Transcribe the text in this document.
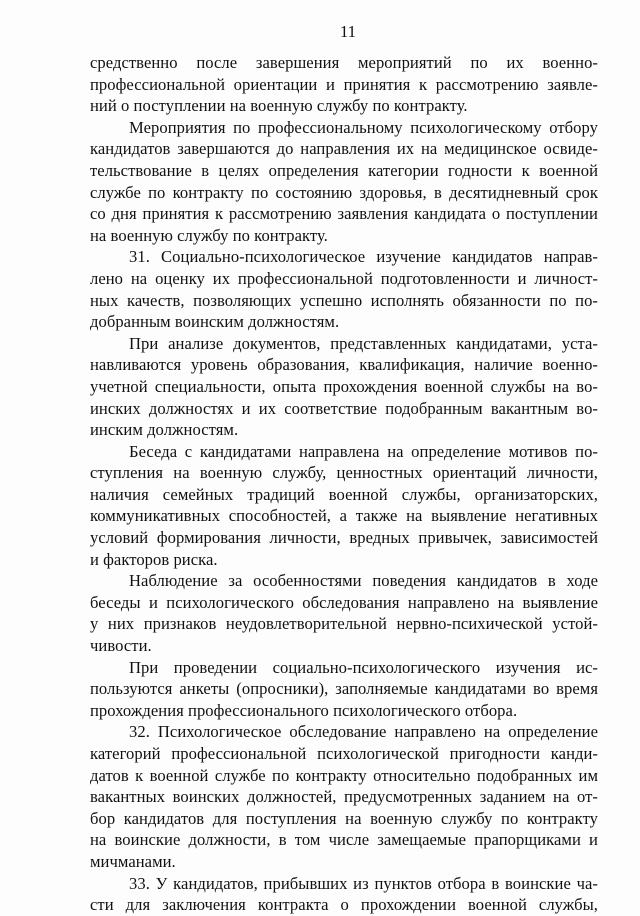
11
средственно после завершения мероприятий по их военно-
профессиональной ориентации и принятия к рассмотрению заявле-
ний о поступлении на военную службу по контракту.
Мероприятия по профессиональному психологическому отбору
кандидатов завершаются до направления их на медицинское освиде-
тельствование в целях определения категории годности к военной
службе по контракту по состоянию здоровья, в десятидневный срок
со дня принятия к рассмотрению заявления кандидата о поступлении
на военную службу по контракту.
31. Социально-психологическое изучение кандидатов направ-
лено на оценку их профессиональной подготовленности и личност-
ных качеств, позволяющих успешно исполнять обязанности по по-
добранным воинским должностям.
При анализе документов, представленных кандидатами, уста-
навливаются уровень образования, квалификация, наличие военно-
учетной специальности, опыта прохождения военной службы на во-
инских должностях и их соответствие подобранным вакантным во-
инским должностям.
Беседа с кандидатами направлена на определение мотивов по-
ступления на военную службу, ценностных ориентаций личности,
наличия семейных традиций военной службы, организаторских,
коммуникативных способностей, а также на выявление негативных
условий формирования личности, вредных привычек, зависимостей
и факторов риска.
Наблюдение за особенностями поведения кандидатов в ходе
беседы и психологического обследования направлено на выявление
у них признаков неудовлетворительной нервно-психической устой-
чивости.
При проведении социально-психологического изучения ис-
пользуются анкеты (опросники), заполняемые кандидатами во время
прохождения профессионального психологического отбора.
32. Психологическое обследование направлено на определение
категорий профессиональной психологической пригодности канди-
датов к военной службе по контракту относительно подобранных им
вакантных воинских должностей, предусмотренных заданием на от-
бор кандидатов для поступления на военную службу по контракту
на воинские должности, в том числе замещаемые прапорщиками и
мичманами.
33. У кандидатов, прибывших из пунктов отбора в воинские ча-
сти для заключения контракта о прохождении военной службы,
